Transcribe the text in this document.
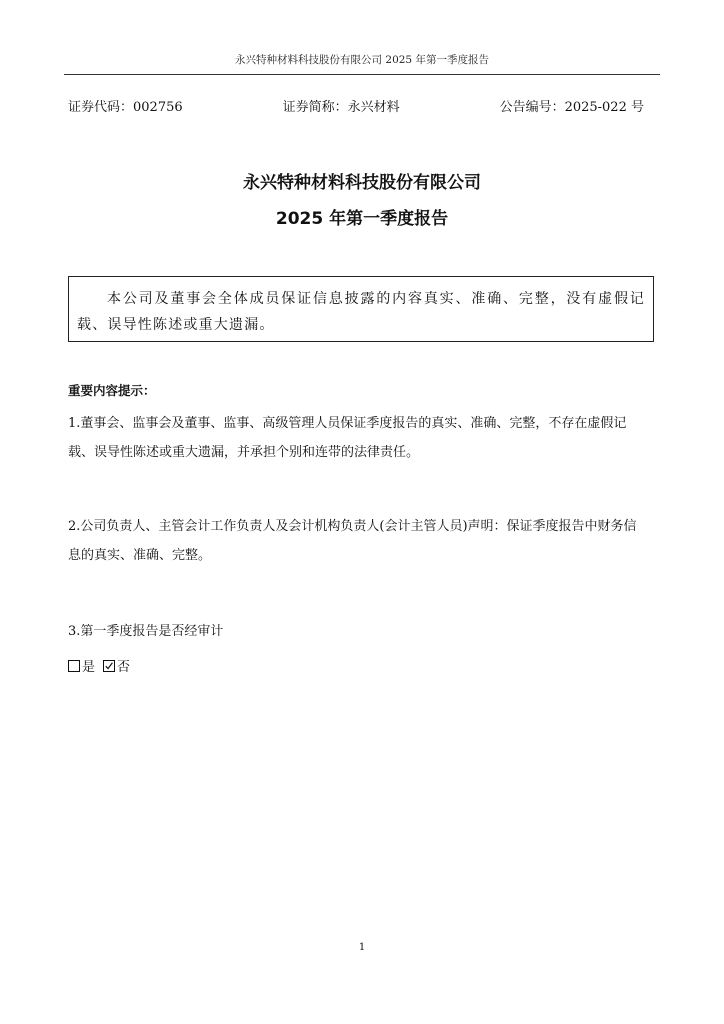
永兴特种材料科技股份有限公司 2025 年第一季度报告
证券代码：002756	证券简称：永兴材料	公告编号：2025-022 号
永兴特种材料科技股份有限公司
2025 年第一季度报告
本公司及董事会全体成员保证信息披露的内容真实、准确、完整，没有虚假记载、误导性陈述或重大遗漏。
重要内容提示：
1.董事会、监事会及董事、监事、高级管理人员保证季度报告的真实、准确、完整，不存在虚假记载、误导性陈述或重大遗漏，并承担个别和连带的法律责任。
2.公司负责人、主管会计工作负责人及会计机构负责人(会计主管人员)声明：保证季度报告中财务信息的真实、准确、完整。
3.第一季度报告是否经审计
是 否
1
